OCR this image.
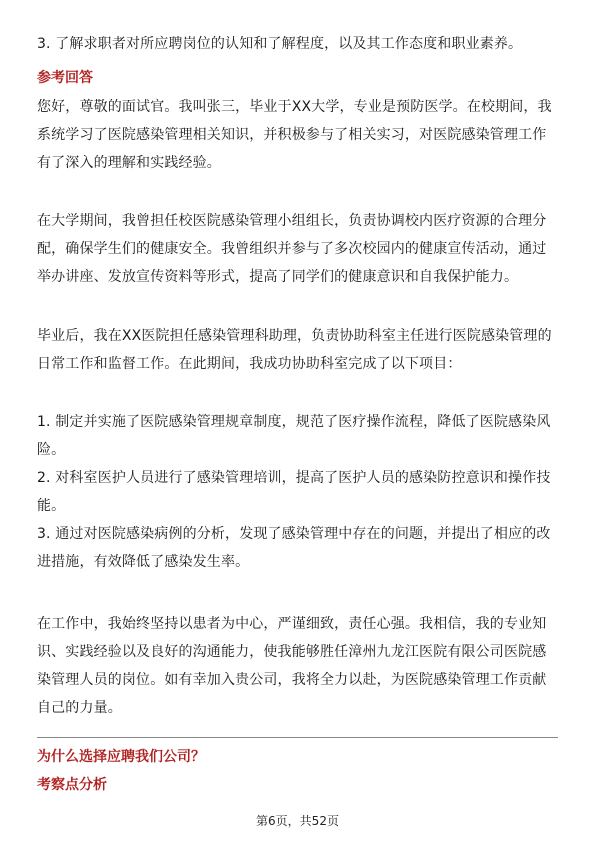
3. 了解求职者对所应聘岗位的认知和了解程度，以及其工作态度和职业素养。
参考回答
您好，尊敬的面试官。我叫张三，毕业于XX大学，专业是预防医学。在校期间，我
系统学习了医院感染管理相关知识，并积极参与了相关实习，对医院感染管理工作
有了深入的理解和实践经验。
在大学期间，我曾担任校医院感染管理小组组长，负责协调校内医疗资源的合理分
配，确保学生们的健康安全。我曾组织并参与了多次校园内的健康宣传活动，通过
举办讲座、发放宣传资料等形式，提高了同学们的健康意识和自我保护能力。
毕业后，我在XX医院担任感染管理科助理，负责协助科室主任进行医院感染管理的
日常工作和监督工作。在此期间，我成功协助科室完成了以下项目：
1. 制定并实施了医院感染管理规章制度，规范了医疗操作流程，降低了医院感染风
险。
2. 对科室医护人员进行了感染管理培训，提高了医护人员的感染防控意识和操作技
能。
3. 通过对医院感染病例的分析，发现了感染管理中存在的问题，并提出了相应的改
进措施，有效降低了感染发生率。
在工作中，我始终坚持以患者为中心，严谨细致，责任心强。我相信，我的专业知
识、实践经验以及良好的沟通能力，使我能够胜任漳州九龙江医院有限公司医院感
染管理人员的岗位。如有幸加入贵公司，我将全力以赴，为医院感染管理工作贡献
自己的力量。
为什么选择应聘我们公司？
考察点分析
第6页，共52页
